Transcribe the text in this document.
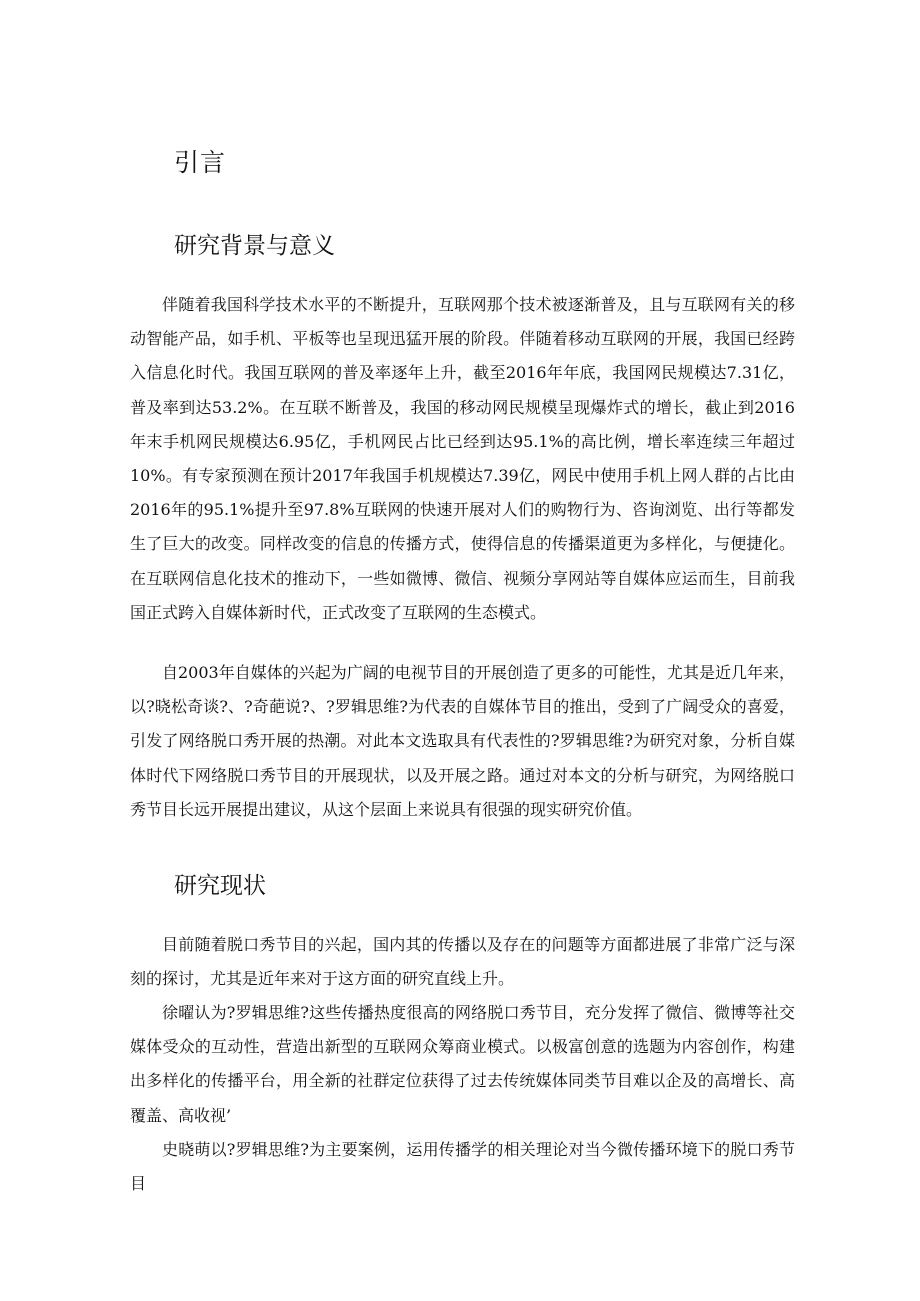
引言
研究背景与意义

伴随着我国科学技术水平的不断提升，互联网那个技术被逐渐普及，且与互联网有关的移动智能产品，如手机、平板等也呈现迅猛开展的阶段。伴随着移动互联网的开展，我国已经跨入信息化时代。我国互联网的普及率逐年上升，截至2016年年底，我国网民规模达7.31亿，普及率到达53.2%。在互联不断普及，我国的移动网民规模呈现爆炸式的增长，截止到2016年末手机网民规模达6.95亿，手机网民占比已经到达95.1%的高比例，增长率连续三年超过10%。有专家预测在预计2017年我国手机规模达7.39亿，网民中使用手机上网人群的占比由2016年的95.1%提升至97.8%互联网的快速开展对人们的购物行为、咨询浏览、出行等都发生了巨大的改变。同样改变的信息的传播方式，使得信息的传播渠道更为多样化，与便捷化。在互联网信息化技术的推动下，一些如微博、微信、视频分享网站等自媒体应运而生，目前我国正式跨入自媒体新时代，正式改变了互联网的生态模式。

自2003年自媒体的兴起为广阔的电视节目的开展创造了更多的可能性，尤其是近几年来，以?晓松奇谈?、?奇葩说?、?罗辑思维?为代表的自媒体节目的推出，受到了广阔受众的喜爱，引发了网络脱口秀开展的热潮。对此本文选取具有代表性的?罗辑思维?为研究对象，分析自媒体时代下网络脱口秀节目的开展现状，以及开展之路。通过对本文的分析与研究，为网络脱口秀节目长远开展提出建议，从这个层面上来说具有很强的现实研究价值。

研究现状

目前随着脱口秀节目的兴起，国内其的传播以及存在的问题等方面都进展了非常广泛与深刻的探讨，尤其是近年来对于这方面的研究直线上升。

徐曜认为?罗辑思维?这些传播热度很高的网络脱口秀节目，充分发挥了微信、微博等社交媒体受众的互动性，营造出新型的互联网众筹商业模式。以极富创意的选题为内容创作，构建出多样化的传播平台，用全新的社群定位获得了过去传统媒体同类节目难以企及的高增长、高覆盖、高收视’

史晓萌以?罗辑思维?为主要案例，运用传播学的相关理论对当今微传播环境下的脱口秀节目
